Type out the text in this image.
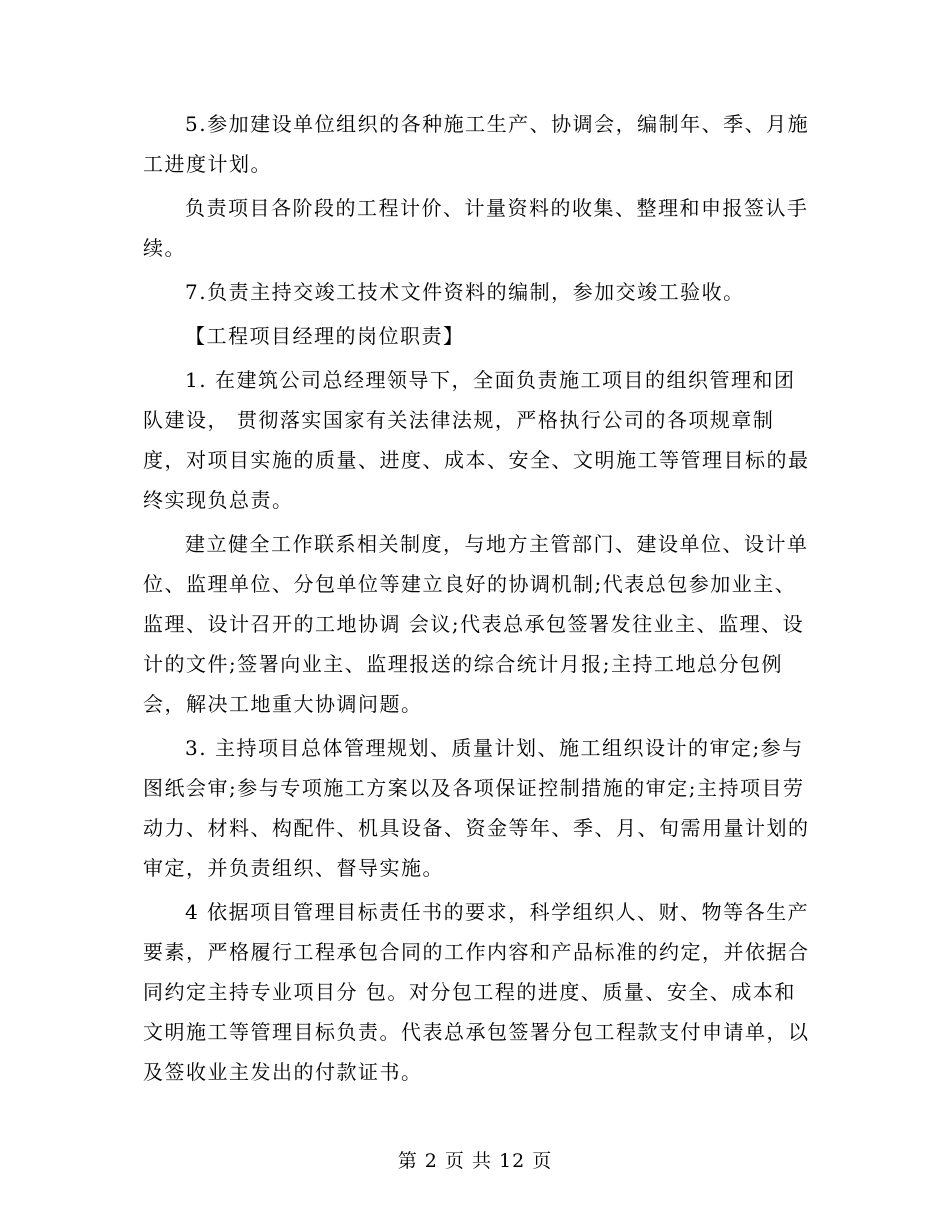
5.参加建设单位组织的各种施工生产、协调会，编制年、季、月施工进度计划。

负责项目各阶段的工程计价、计量资料的收集、整理和申报签认手续。

7.负责主持交竣工技术文件资料的编制，参加交竣工验收。

【工程项目经理的岗位职责】

1. 在建筑公司总经理领导下，全面负责施工项目的组织管理和团队建设， 贯彻落实国家有关法律法规，严格执行公司的各项规章制度，对项目实施的质量、进度、成本、安全、文明施工等管理目标的最终实现负总责。

建立健全工作联系相关制度，与地方主管部门、建设单位、设计单位、监理单位、分包单位等建立良好的协调机制;代表总包参加业主、监理、设计召开的工地协调 会议;代表总承包签署发往业主、监理、设计的文件;签署向业主、监理报送的综合统计月报;主持工地总分包例会，解决工地重大协调问题。

3. 主持项目总体管理规划、质量计划、施工组织设计的审定;参与图纸会审;参与专项施工方案以及各项保证控制措施的审定;主持项目劳动力、材料、构配件、机具设备、资金等年、季、月、旬需用量计划的审定，并负责组织、督导实施。

4 依据项目管理目标责任书的要求，科学组织人、财、物等各生产要素，严格履行工程承包合同的工作内容和产品标准的约定，并依据合同约定主持专业项目分 包。对分包工程的进度、质量、安全、成本和文明施工等管理目标负责。代表总承包签署分包工程款支付申请单，以及签收业主发出的付款证书。

第 2 页 共 12 页
